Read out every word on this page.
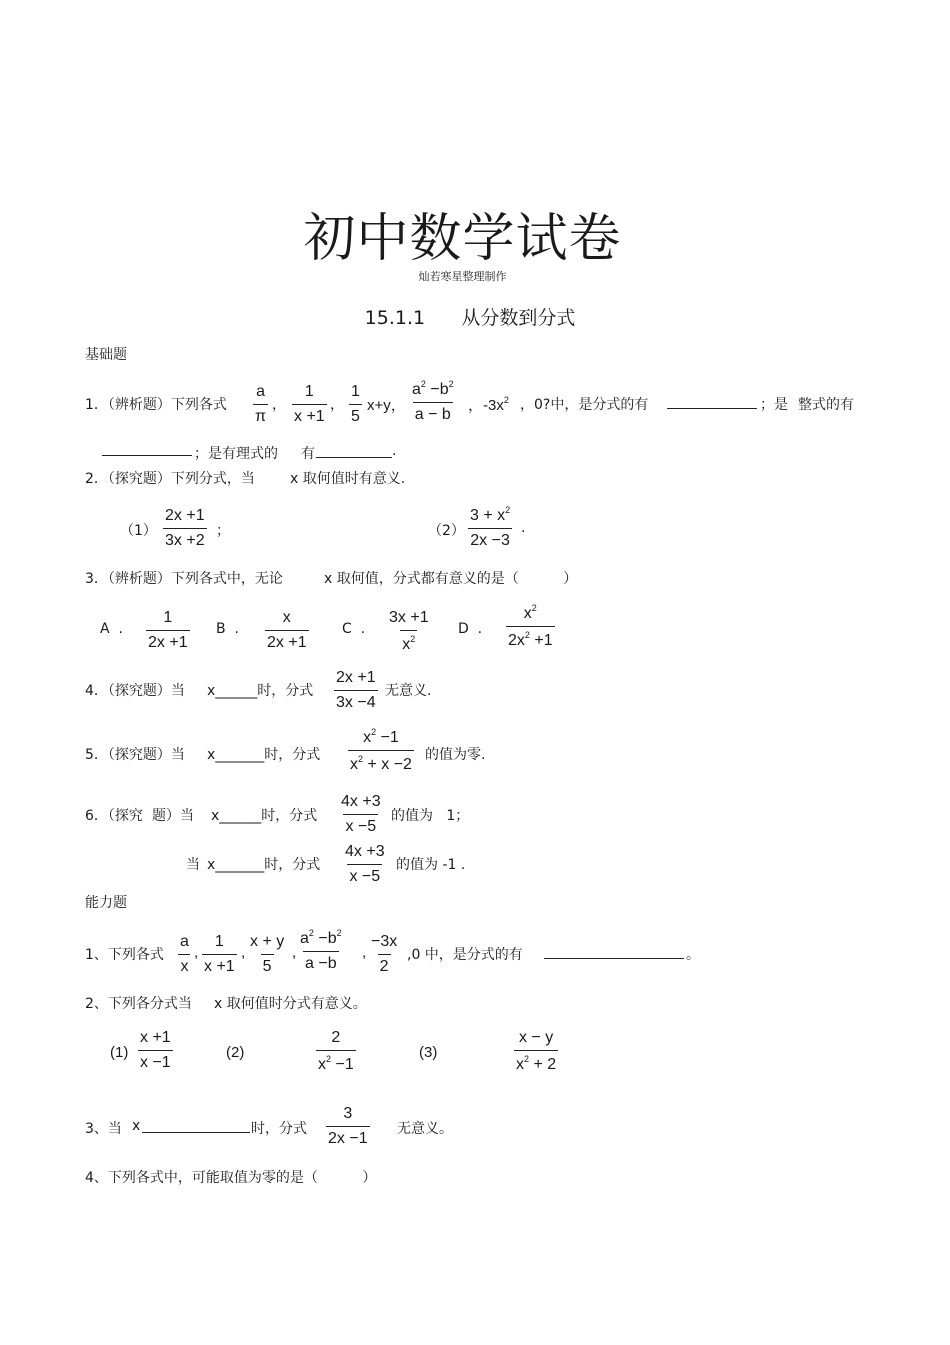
初中数学试卷
灿若寒星整理制作
15.1.1      从分数到分式
基础题
1．（辨析题）下列各式 $\frac{a}{\pi}$ ， $\frac{1}{x +1}$ ， $\frac{1}{5} x+y$， $\frac{a^2 -b^2}{a - b}$ ，$-3x^2$ ，0?中，是分式的有	；是 整式的有
；是有理式的 有	.
2．（探究题）下列分式，当	x 取何值时有意义.
$(1) \frac{2x +1}{3x +2}$ ；	$(2) \frac{3 + x^2}{2x -3}$ .
3．（辨析题）下列各式中，无论	x 取何值，分式都有意义的是（          ）
A  . $\frac{1}{2x +1}$ B  . $\frac{x}{2x +1}$ C  . $\frac{3x +1}{x^2}$ D  . $\frac{x^2}{2x^2 +1}$
4．（探究题）当 x______时，分式 $\frac{2x +1}{3x -4}$ 无意义.
5．（探究题）当 x_______时，分式 $\frac{x^2 -1}{x^2 + x -2}$ 的值为零.
6．（探究 题）当 x______时，分式 $\frac{4x +3}{x -5}$ 的值为   1；
当 x_______时，分式 $\frac{4x +3}{x -5}$ 的值为 -1 .
能力题
1、下列各式 $\frac{a}{x}$ , $\frac{1}{x +1}$ , $\frac{x + y}{5}$ , $\frac{a^2 -b^2}{a -b}$ , $\frac{-3x}{2} ,0$ 中，是分式的有	。
2、下列各分式当 x 取何值时分式有意义。
$(1) \frac{x +1}{x -1}$	(2)	$\frac{2}{x^2 -1}$	(3)	$\frac{x - y}{x^2 + 2}$
3、当 x	时，分式 $\frac{3}{2x -1}$ 无意义。
4、下列各式中，可能取值为零的是（          ）
